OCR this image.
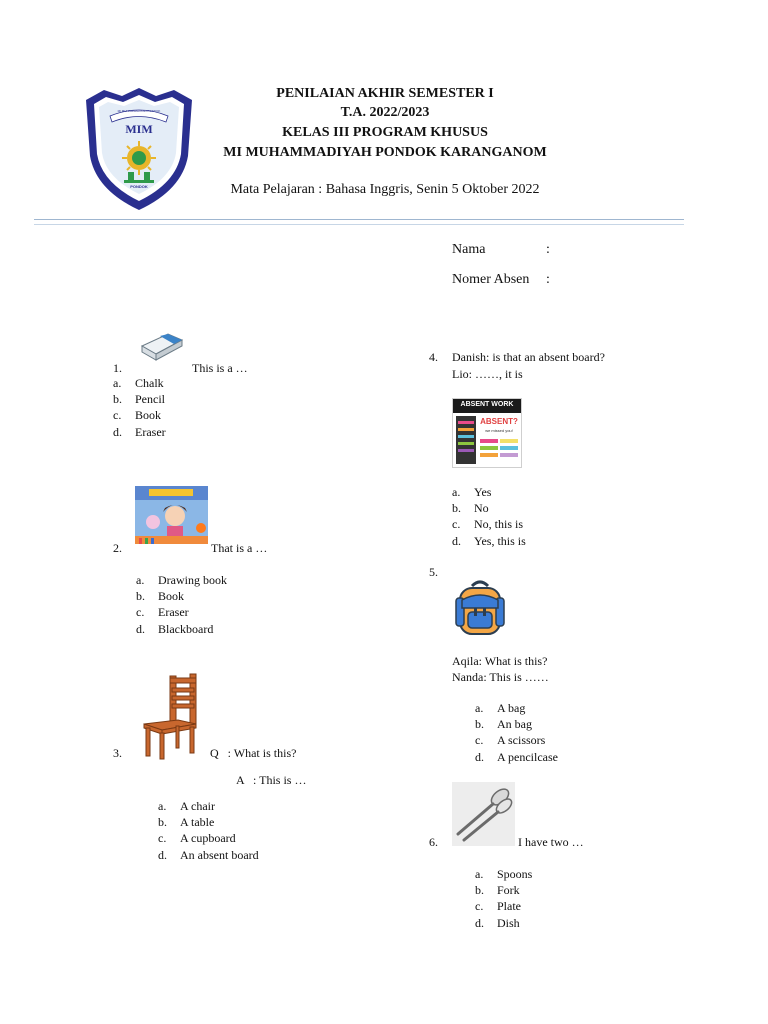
MI MUHAMMADIYAH PONDOK
MIM
PONDOK
PENILAIAN AKHIR SEMESTER I
T.A. 2022/2023
KELAS III PROGRAM KHUSUS
MI MUHAMMADIYAH PONDOK KARANGANOM
Mata Pelajaran : Bahasa Inggris, Senin 5 Oktober 2022
Nama	:
Nomer Absen :
1.	This is a …
a. Chalk
b. Pencil
c. Book
d. Eraser
2.	That is a …
a. Drawing book
b. Book
c. Eraser
d. Blackboard
3.	Q   : What is this?
A   : This is …
a. A chair
b. A table
c. A cupboard
d. An absent board
4. Danish: is that an absent board?
Lio: ……, it is
ABSENT WORK
ABSENT?
we missed you!
a. Yes
b. No
c. No, this is
d. Yes, this is
5.
Aqila: What is this?
Nanda: This is ……
a. A bag
b. An bag
c. A scissors
d. A pencilcase
6.	I have two …
a. Spoons
b. Fork
c. Plate
d. Dish
